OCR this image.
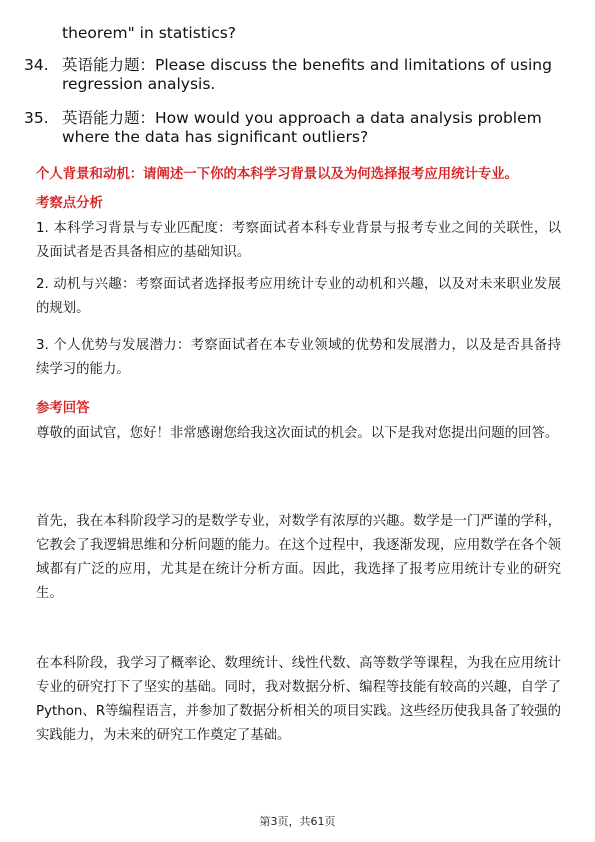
theorem" in statistics?
34. 英语能力题：Please discuss the benefits and limitations of using regression analysis.
35. 英语能力题：How would you approach a data analysis problem where the data has significant outliers?
个人背景和动机：请阐述一下你的本科学习背景以及为何选择报考应用统计专业。
考察点分析
1. 本科学习背景与专业匹配度：考察面试者本科专业背景与报考专业之间的关联性，以及面试者是否具备相应的基础知识。
2. 动机与兴趣：考察面试者选择报考应用统计专业的动机和兴趣，以及对未来职业发展的规划。
3. 个人优势与发展潜力：考察面试者在本专业领域的优势和发展潜力，以及是否具备持续学习的能力。
参考回答
尊敬的面试官，您好！非常感谢您给我这次面试的机会。以下是我对您提出问题的回答。
首先，我在本科阶段学习的是数学专业，对数学有浓厚的兴趣。数学是一门严谨的学科，它教会了我逻辑思维和分析问题的能力。在这个过程中，我逐渐发现，应用数学在各个领域都有广泛的应用，尤其是在统计分析方面。因此，我选择了报考应用统计专业的研究生。
在本科阶段，我学习了概率论、数理统计、线性代数、高等数学等课程，为我在应用统计专业的研究打下了坚实的基础。同时，我对数据分析、编程等技能有较高的兴趣，自学了Python、R等编程语言，并参加了数据分析相关的项目实践。这些经历使我具备了较强的实践能力，为未来的研究工作奠定了基础。
第3页，共61页
